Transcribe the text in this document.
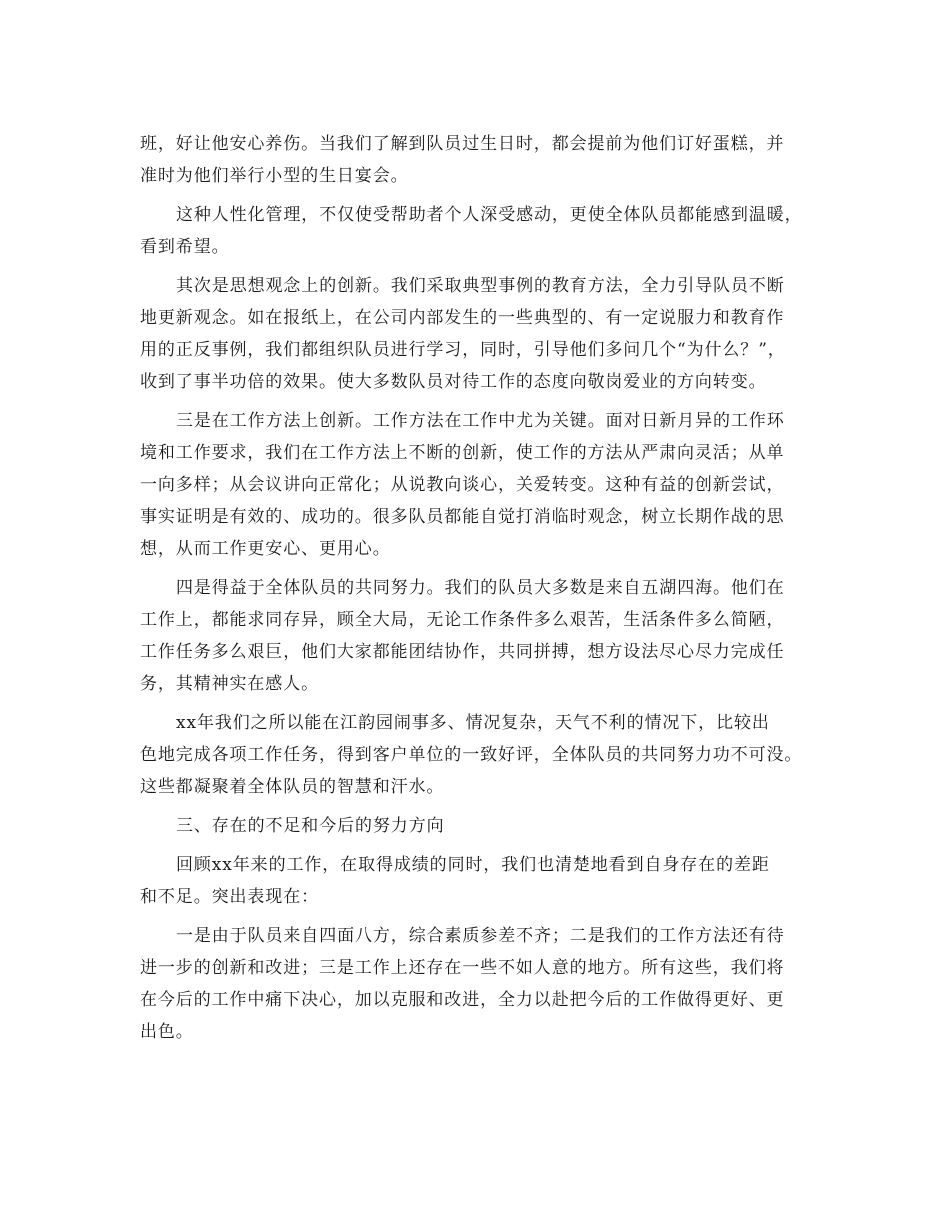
班，好让他安心养伤。当我们了解到队员过生日时，都会提前为他们订好蛋糕，并
准时为他们举行小型的生日宴会。
这种人性化管理，不仅使受帮助者个人深受感动，更使全体队员都能感到温暖，
看到希望。
其次是思想观念上的创新。我们采取典型事例的教育方法，全力引导队员不断
地更新观念。如在报纸上，在公司内部发生的一些典型的、有一定说服力和教育作
用的正反事例，我们都组织队员进行学习，同时，引导他们多问几个“为什么？”，
收到了事半功倍的效果。使大多数队员对待工作的态度向敬岗爱业的方向转变。
三是在工作方法上创新。工作方法在工作中尤为关键。面对日新月异的工作环
境和工作要求，我们在工作方法上不断的创新，使工作的方法从严肃向灵活；从单
一向多样；从会议讲向正常化；从说教向谈心，关爱转变。这种有益的创新尝试，
事实证明是有效的、成功的。很多队员都能自觉打消临时观念，树立长期作战的思
想，从而工作更安心、更用心。
四是得益于全体队员的共同努力。我们的队员大多数是来自五湖四海。他们在
工作上，都能求同存异，顾全大局，无论工作条件多么艰苦，生活条件多么简陋，
工作任务多么艰巨，他们大家都能团结协作，共同拼搏，想方设法尽心尽力完成任
务，其精神实在感人。
xx年我们之所以能在江韵园闹事多、情况复杂，天气不利的情况下，比较出
色地完成各项工作任务，得到客户单位的一致好评，全体队员的共同努力功不可没。
这些都凝聚着全体队员的智慧和汗水。
三、存在的不足和今后的努力方向
回顾xx年来的工作，在取得成绩的同时，我们也清楚地看到自身存在的差距
和不足。突出表现在：
一是由于队员来自四面八方，综合素质参差不齐；二是我们的工作方法还有待
进一步的创新和改进；三是工作上还存在一些不如人意的地方。所有这些，我们将
在今后的工作中痛下决心，加以克服和改进，全力以赴把今后的工作做得更好、更
出色。
